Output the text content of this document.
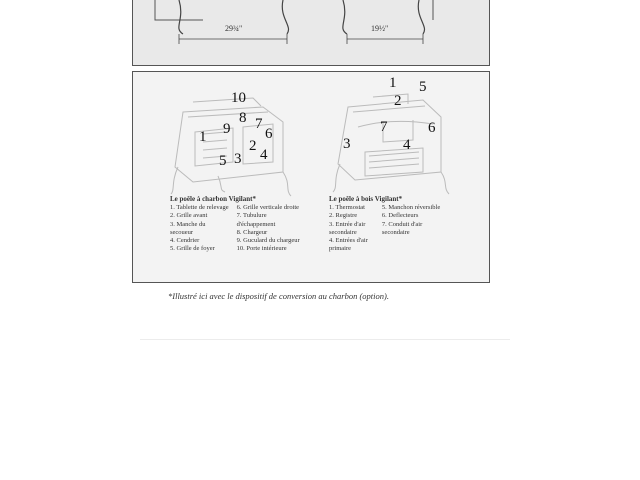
29¾"	19½"
10
9
8 7
6
1
5 3
2
4
1 5
2
7	6
3	4
Le poêle à charbon Vigilant*
1. Tablette de relevage
2. Grille avant
3. Manche du
secoueur
4. Cendrier
5. Grille de foyer
6. Grille verticale droite
7. Tubulure
d'échappement
8. Chargeur
9. Guculard du chargeur
10. Porte intérieure
Le poêle à bois Vigilant*
1. Thermostat
2. Registre
3. Entrée d'air
secondaire
4. Entrées d'air
primaire
5. Manchon réversible
6. Deflecteurs
7. Conduit d'air
secondaire
*Illustré ici avec le dispositif de conversion au charbon (option).
